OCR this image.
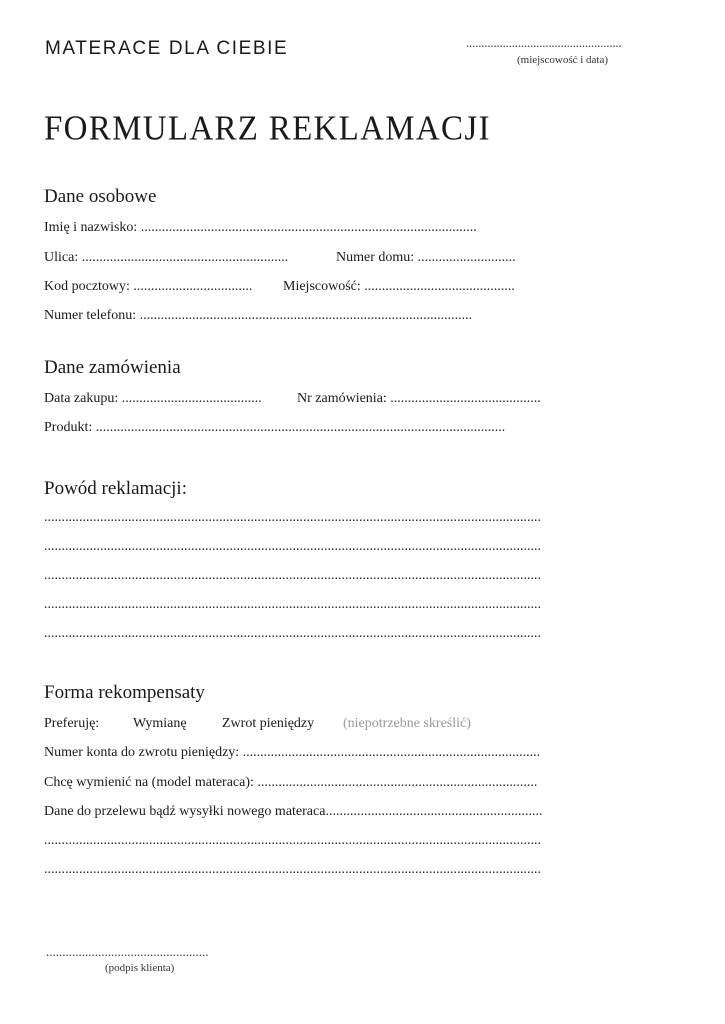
MATERACE DLA CIEBIE	...................................................
(miejscowość i data)
FORMULARZ REKLAMACJI
Dane osobowe
Imię i nazwisko: ................................................................................................
Ulica: ...........................................................	Numer domu: ............................
Kod pocztowy: ..................................	Miejscowość: ...........................................
Numer telefonu: ...............................................................................................
Dane zamówienia
Data zakupu: ........................................	Nr zamówienia: ...........................................
Produkt: .....................................................................................................................
Powód reklamacji:
..............................................................................................................................................
..............................................................................................................................................
..............................................................................................................................................
..............................................................................................................................................
..............................................................................................................................................
Forma rekompensaty
Preferuję: Wymianę	Zwrot pieniędzy (niepotrzebne skreślić)
Numer konta do zwrotu pieniędzy: .....................................................................................
Chcę wymienić na (model materaca): ................................................................................
Dane do przelewu bądź wysyłki nowego materaca..............................................................
..............................................................................................................................................
..............................................................................................................................................
..................................................
(podpis klienta)
